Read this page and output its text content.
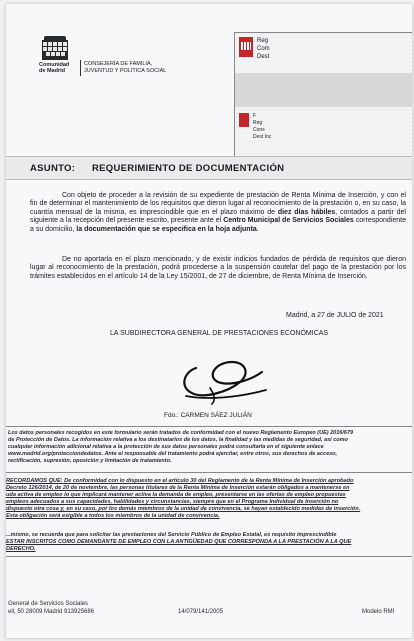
Comunidad
de Madrid
CONSEJERÍA DE FAMILIA,
JUVENTUD Y POLÍTICA SOCIAL
Reg
Com
Dest
F
Reg
Cons
Dest Inc
ASUNTO: REQUERIMIENTO DE DOCUMENTACIÓN

Con objeto de proceder a la revisión de su expediente de prestación de Renta Mínima de Inserción, y con el fin de determinar el mantenimiento de los requisitos que dieron lugar al reconocimiento de la prestación o, en su caso, la cuantía mensual de la misma, es imprescindible que en el plazo máximo de diez días hábiles, contados a partir del siguiente a la recepción del presente escrito, presente ante el Centro Municipal de Servicios Sociales correspondiente a su domicilio, la documentación que se especifica en la hoja adjunta.

De no aportarla en el plazo mencionado, y de existir indicios fundados de pérdida de requisitos que dieron lugar al reconocimiento de la prestación, podrá procederse a la suspensión cautelar del pago de la prestación por los trámites establecidos en el artículo 14 de la Ley 15/2001, de 27 de diciembre, de Renta Mínima de Inserción.

Madrid, a 27 de JULIO de 2021
LA SUBDIRECTORA GENERAL DE PRESTACIONES ECONÓMICAS
Fdo.: CARMEN SÁEZ JULIÁN

Los datos personales recogidos en este formulario serán tratados de conformidad con el nuevo Reglamento Europeo (UE) 2016/679

de Protección de Datos. La información relativa a los destinatarios de los datos, la finalidad y las medidas de seguridad, así como

cualquier información adicional relativa a la protección de sus datos personales podrá consultarla en el siguiente enlace

www.madrid.org/protecciondedatos. Ante el responsable del tratamiento podrá ejercitar, entre otros, sus derechos de acceso,

rectificación, supresión, oposición y limitación de tratamiento.

RECORDAMOS QUE: De conformidad con lo dispuesto en el artículo 30 del Reglamento de la Renta Mínima de Inserción aprobado

Decreto 126/2014, de 20 de noviembre, las personas titulares de la Renta Mínima de Inserción estarán obligados a mantenerse en

uda activa de empleo lo que implicará mantener activa la demanda de empleo, presentarse en las ofertas de empleo propuestas

empleos adecuados a sus capacidades, habilidades y circunstancias, siempre que en el Programa Individual de Inserción no

dispuesto otra cosa y, en su caso, por los demás miembros de la unidad de convivencia, se hayan establecido medidas de inserción.

Esta obligación será exigible a todos los miembros de la unidad de convivencia.

...mismo, se recuerda que para solicitar las prestaciones del Servicio Público de Empleo Estatal, es requisito imprescindible

ESTAR INSCRITOS COMO DEMANDANTE DE EMPLEO CON LA ANTIGÜEDAD QUE CORRESPONDA A LA PRESTACIÓN A LA QUE

DERECHO.

General de Servicios Sociales
ell, 50 28009 Madrid 913925686	14/079/141/2005	Modelo RMI
